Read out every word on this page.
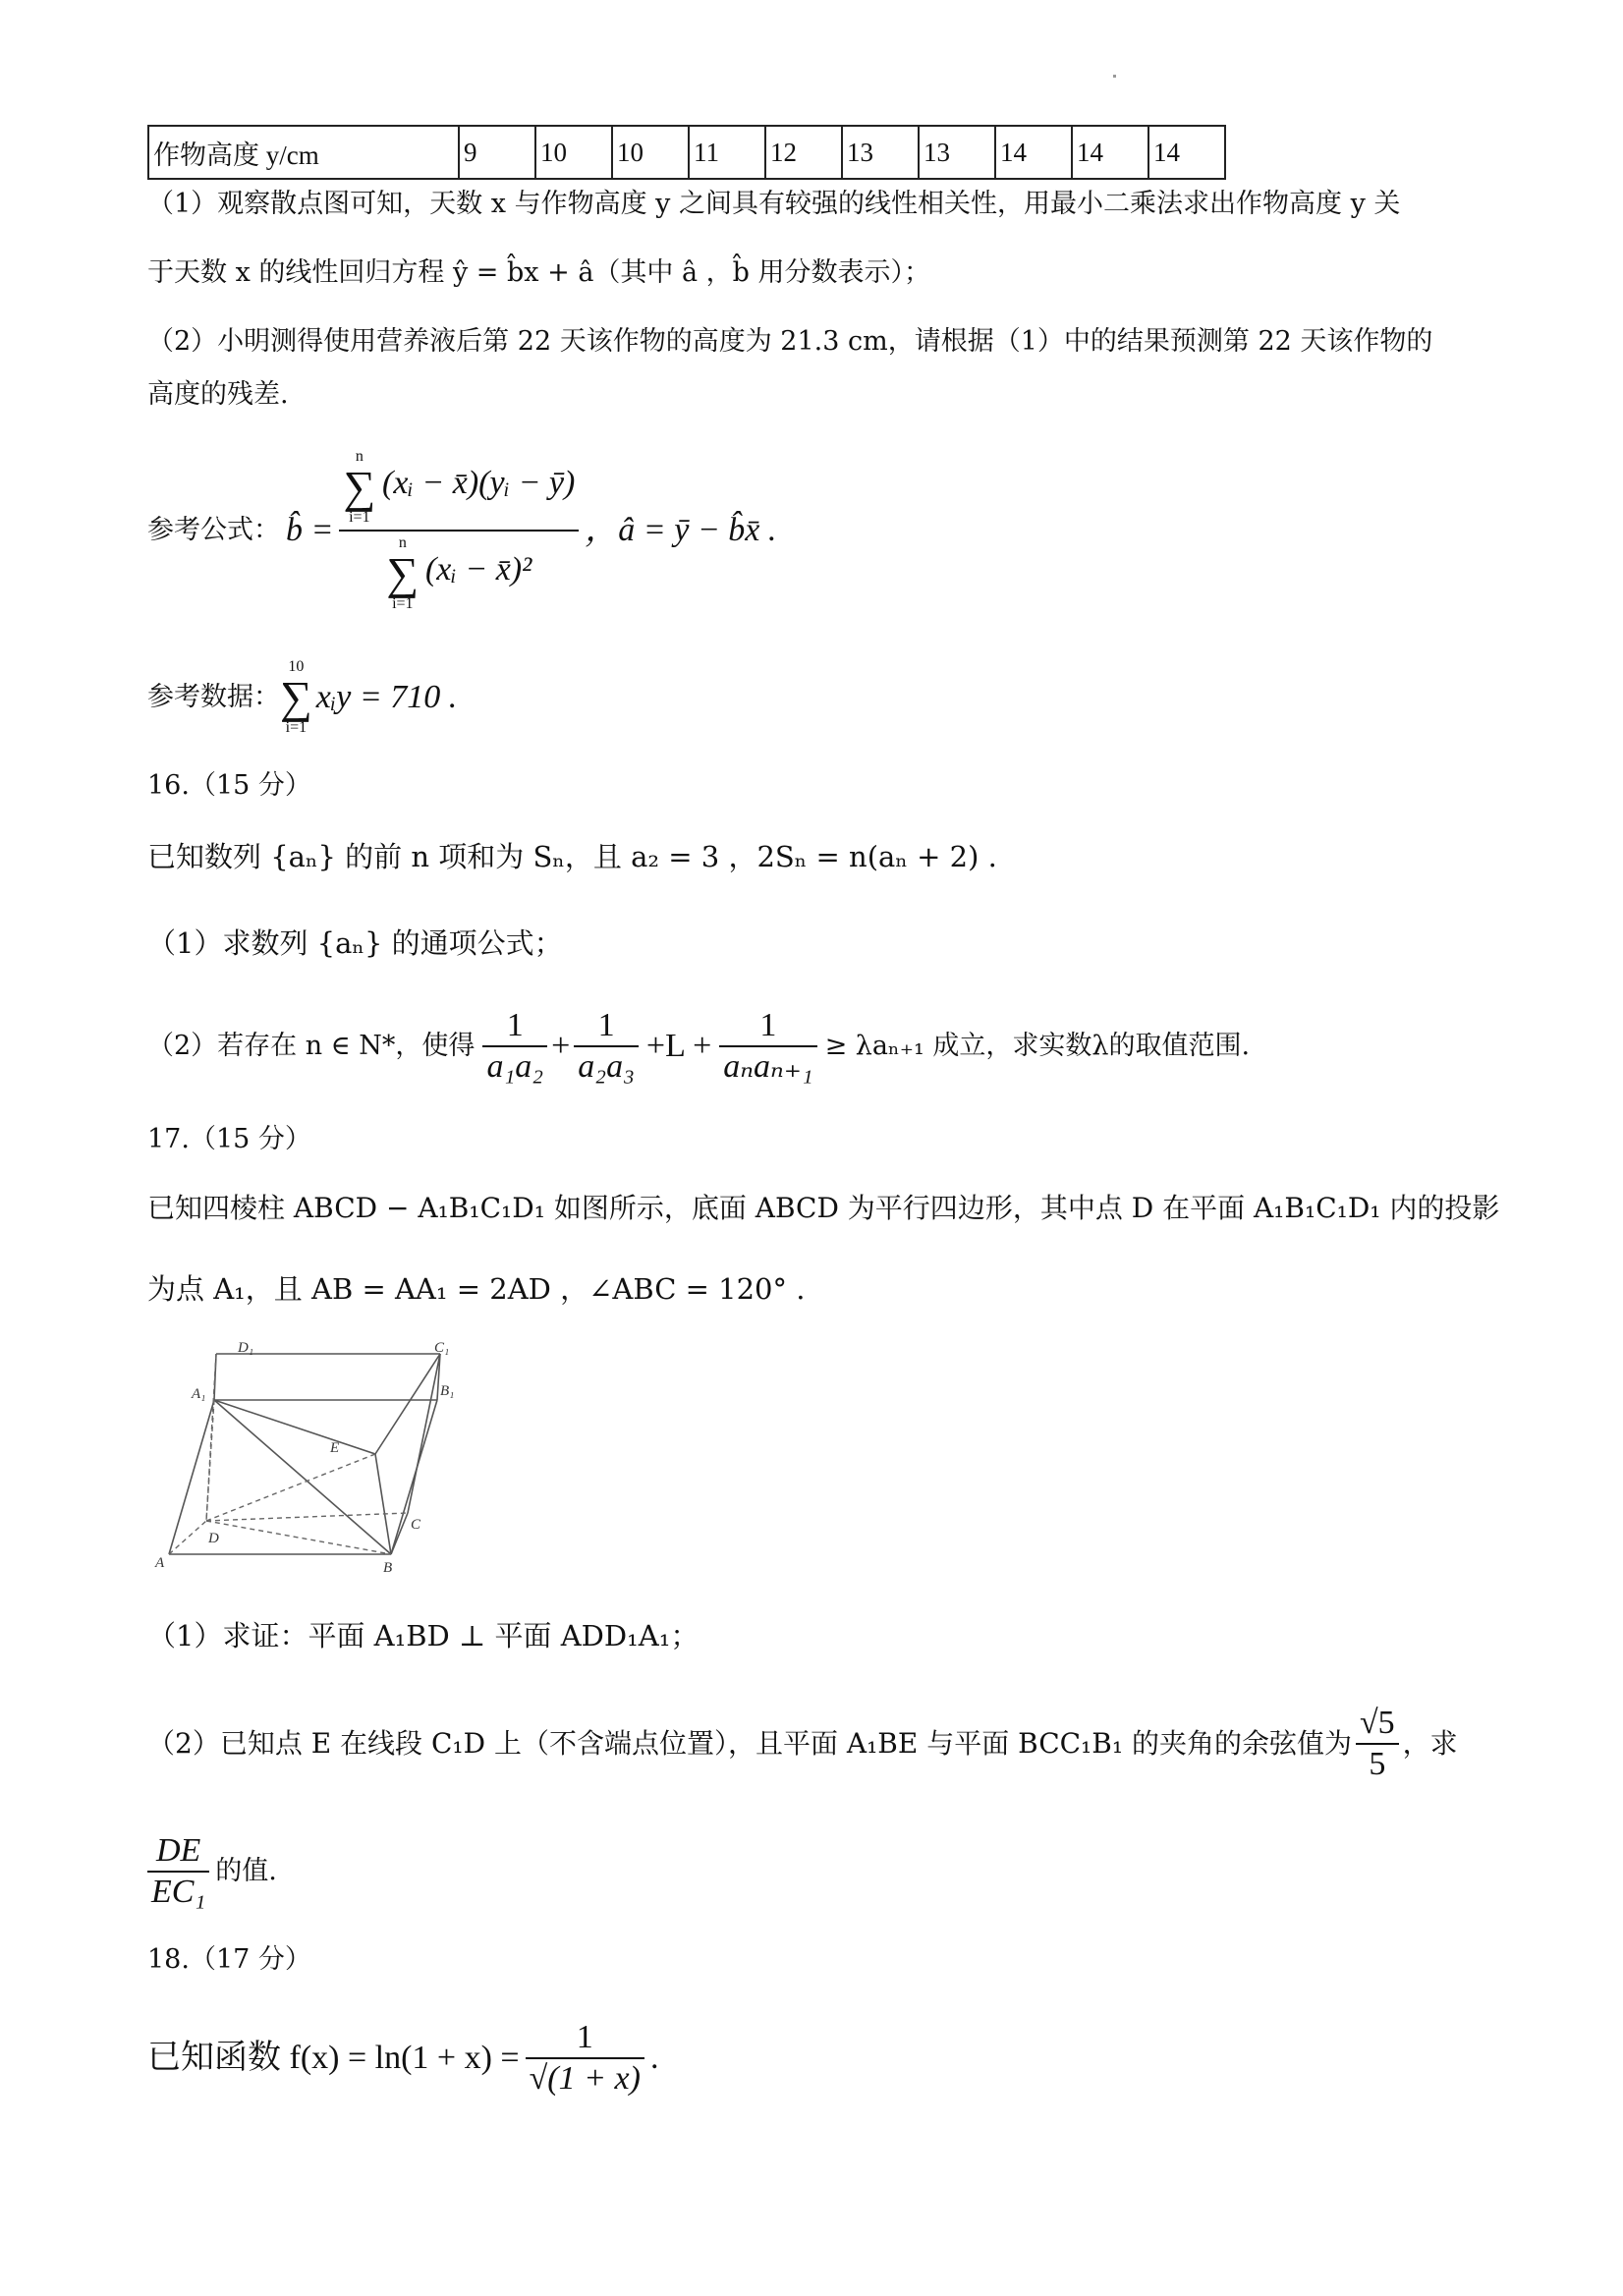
作物高度 y/cm	9	10	10	11	12	13	13	14	14	14
（1）观察散点图可知，天数 x 与作物高度 y 之间具有较强的线性相关性，用最小二乘法求出作物高度 y 关
于天数 x 的线性回归方程 ŷ = b̂x + â（其中 â ，b̂ 用分数表示）；
（2）小明测得使用营养液后第 22 天该作物的高度为 21.3 cm，请根据（1）中的结果预测第 22 天该作物的
高度的残差.
参考公式： b̂ = n
∑
i=1
(xᵢ − x̄)(yᵢ − ȳ)
n
∑
i=1
(xᵢ − x̄)² ，â = ȳ − b̂x̄ .
参考数据：
10
∑
i=1
xᵢy = 710 .
16.（15 分）
已知数列 {aₙ} 的前 n 项和为 Sₙ，且 a₂ = 3 ，2Sₙ = n(aₙ + 2) .
（1）求数列 {aₙ} 的通项公式；
（2）若存在 n ∈ N*，使得 $\frac{1}{\text{a₁a₂}} + \frac{1}{\text{a₂a₃}} +L + \frac{1}{\text{aₙaₙ₊₁}} \ge \lambda a_{n+1}$ 成立，求实数λ的取值范围.
17.（15 分）
已知四棱柱 ABCD − A₁B₁C₁D₁ 如图所示，底面 ABCD 为平行四边形，其中点 D 在平面 A₁B₁C₁D₁ 内的投影
为点 A₁，且 AB = AA₁ = 2AD ，∠ABC = 120° .
A	B
C
D
A₁	B₁
C₁
D₁
E
（1）求证：平面 A₁BD ⊥ 平面 ADD₁A₁；
（2）已知点 E 在线段 C₁D 上（不含端点位置），且平面 A₁BE 与平面 BCC₁B₁ 的夹角的余弦值为 $\frac{√5}{5}$ ，求
$\frac{DE}{\text{EC₁}}$ 的值.
18.（17 分）
已知函数 $f(x) = \ln(1 + x) = \frac{1}{√(1 + x)}$ .
